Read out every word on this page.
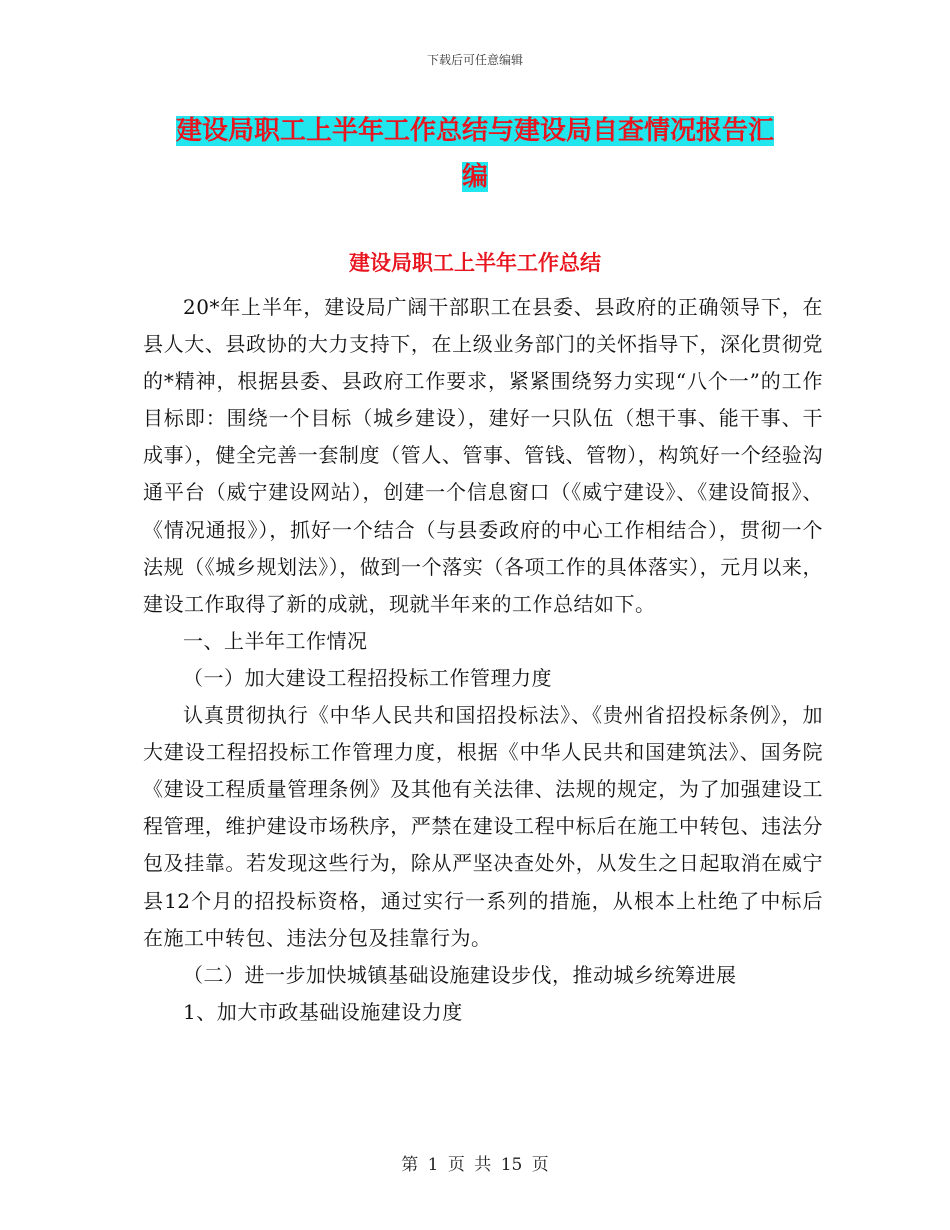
下载后可任意编辑
建设局职工上半年工作总结与建设局自查情况报告汇
编
建设局职工上半年工作总结

20*年上半年，建设局广阔干部职工在县委、县政府的正确领导下，在县人大、县政协的大力支持下，在上级业务部门的关怀指导下，深化贯彻党的*精神，根据县委、县政府工作要求，紧紧围绕努力实现“八个一”的工作目标即：围绕一个目标（城乡建设），建好一只队伍（想干事、能干事、干成事），健全完善一套制度（管人、管事、管钱、管物），构筑好一个经验沟通平台（威宁建设网站），创建一个信息窗口（《威宁建设》、《建设简报》、《情况通报》），抓好一个结合（与县委政府的中心工作相结合），贯彻一个法规（《城乡规划法》），做到一个落实（各项工作的具体落实），元月以来，建设工作取得了新的成就，现就半年来的工作总结如下。

一、上半年工作情况

（一）加大建设工程招投标工作管理力度

认真贯彻执行《中华人民共和国招投标法》、《贵州省招投标条例》，加大建设工程招投标工作管理力度，根据《中华人民共和国建筑法》、国务院《建设工程质量管理条例》及其他有关法律、法规的规定，为了加强建设工程管理，维护建设市场秩序，严禁在建设工程中标后在施工中转包、违法分包及挂靠。若发现这些行为，除从严坚决查处外，从发生之日起取消在威宁县12个月的招投标资格，通过实行一系列的措施，从根本上杜绝了中标后在施工中转包、违法分包及挂靠行为。

（二）进一步加快城镇基础设施建设步伐，推动城乡统筹进展

1、加大市政基础设施建设力度

第 1 页 共 15 页
